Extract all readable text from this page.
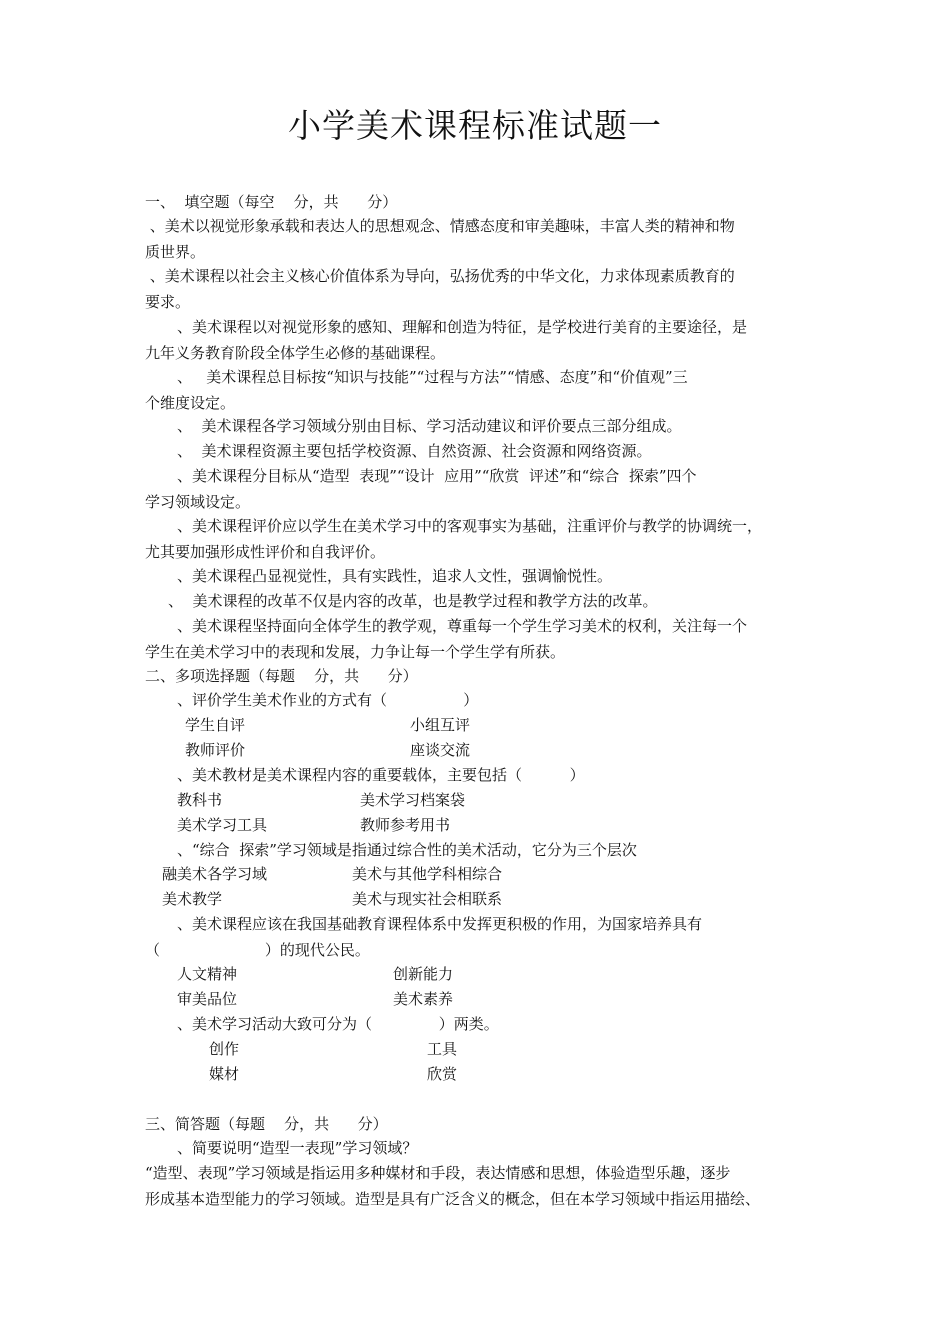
小学美术课程标准试题一
一、  填空题（每空    分，共      分）
、美术以视觉形象承载和表达人的思想观念、情感态度和审美趣味，丰富人类的精神和物
质世界。
、美术课程以社会主义核心价值体系为导向，弘扬优秀的中华文化，力求体现素质教育的
要求。
、美术课程以对视觉形象的感知、理解和创造为特征，是学校进行美育的主要途径，是
九年义务教育阶段全体学生必修的基础课程。
、   美术课程总目标按“知识与技能”“过程与方法”“情感、态度”和“价值观”三
个维度设定。
、  美术课程各学习领域分别由目标、学习活动建议和评价要点三部分组成。
、  美术课程资源主要包括学校资源、自然资源、社会资源和网络资源。
、美术课程分目标从“造型  表现”“设计  应用”“欣赏  评述”和“综合  探索”四个
学习领域设定。
、美术课程评价应以学生在美术学习中的客观事实为基础，注重评价与教学的协调统一，
尤其要加强形成性评价和自我评价。
、美术课程凸显视觉性，具有实践性，追求人文性，强调愉悦性。
、  美术课程的改革不仅是内容的改革，也是教学过程和教学方法的改革。
、美术课程坚持面向全体学生的教学观，尊重每一个学生学习美术的权利，关注每一个
学生在美术学习中的表现和发展，力争让每一个学生学有所获。
二、多项选择题（每题    分，共      分）
、评价学生美术作业的方式有（                ）
学生自评	小组互评
教师评价	座谈交流
、美术教材是美术课程内容的重要载体，主要包括（          ）
教科书	美术学习档案袋
美术学习工具	教师参考用书
、“综合  探索”学习领域是指通过综合性的美术活动，它分为三个层次
融美术各学习域	美术与其他学科相综合
美术教学	美术与现实社会相联系
、美术课程应该在我国基础教育课程体系中发挥更积极的作用，为国家培养具有
（                      ）的现代公民。
人文精神	创新能力
审美品位	美术素养
、美术学习活动大致可分为（              ）两类。
创作	工具
媒材	欣赏
三、简答题（每题    分，共      分）
、简要说明“造型一表现”学习领域？
“造型、表现”学习领域是指运用多种媒材和手段，表达情感和思想，体验造型乐趣，逐步
形成基本造型能力的学习领域。造型是具有广泛含义的概念，但在本学习领域中指运用描绘、
